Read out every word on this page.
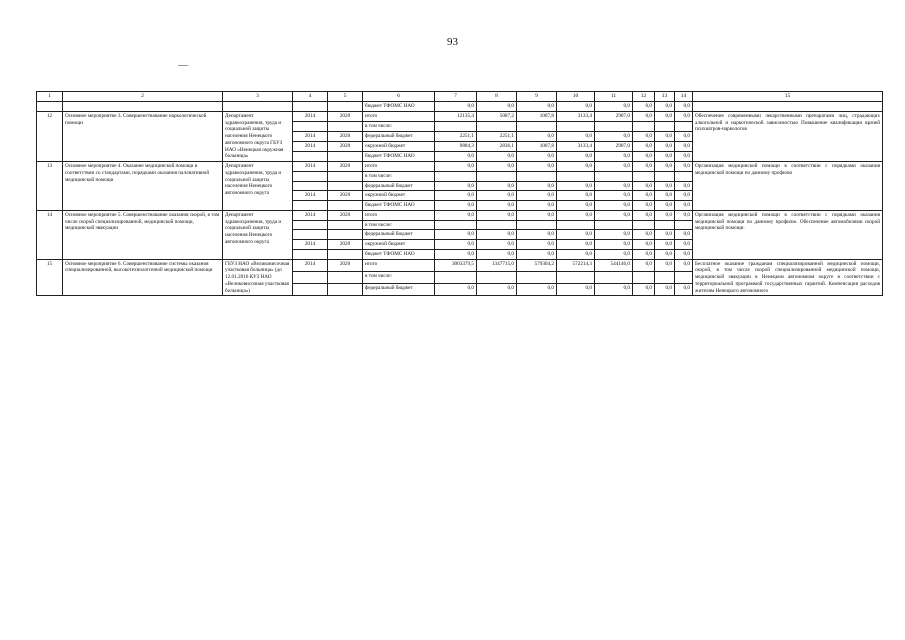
93
1	2	3	4	5	6	7	8	9	10	11	12	13	14	15
					бюджет ТФОМС НАО	0,0	0,0	0,0	0,0	0,0	0,0	0,0	0,0	
12	Основное мероприятие 3. Совершенствование наркологической помощи	Департамент здравоохранения, труда и социальной защиты населения Ненецкого автономного округа ГБУЗ НАО «Ненецкая окружная больница»	2014	2020	итого	12135,4	5087,2	1007,8	3133,4	2907,0	0,0	0,0	0,0	Обеспечение современными лекарственными препаратами лиц, страдающих алкогольной и наркотической зависимостью Повышение квалификации врачей психиатров-наркологов
					в том числе:									
			2014	2020	федеральный бюджет	2251,1	2251,1	0,0	0,0	0,0	0,0	0,0	0,0	
			2014	2020	окружной бюджет	9884,3	2836,1	1007,8	3133,4	2907,0	0,0	0,0	0,0	
					бюджет ТФОМС НАО	0,0	0,0	0,0	0,0	0,0	0,0	0,0	0,0	
13	Основное мероприятие 4. Оказание медицинской помощи в соответствии со стандартами, порядками оказания паллиативной медицинской помощи	Департамент здравоохранения, труда и социальной защиты населения Ненецкого автономного округа	2014	2020	итого	0,0	0,0	0,0	0,0	0,0	0,0	0,0	0,0	Организация медицинской помощи в соответствии с порядками оказания медицинской помощи по данному профилю
					в том числе:									
					федеральный бюджет	0,0	0,0	0,0	0,0	0,0	0,0	0,0	0,0	
			2014	2020	окружной бюджет	0,0	0,0	0,0	0,0	0,0	0,0	0,0	0,0	
					бюджет ТФОМС НАО	0,0	0,0	0,0	0,0	0,0	0,0	0,0	0,0	
14	Основное мероприятие 5. Совершенствование оказания скорой, в том числе скорой специализированной, медицинской помощи, медицинской эвакуации	Департамент здравоохранения, труда и социальной защиты населения Ненецкого автономного округа	2014	2020	итого	0,0	0,0	0,0	0,0	0,0	0,0	0,0	0,0	Организация медицинской помощи в соответствии с порядками оказания медицинской помощи по данному профилю. Обеспечение автомобилями скорой медицинской помощи.
					в том числе:									
					федеральный бюджет	0,0	0,0	0,0	0,0	0,0	0,0	0,0	0,0	
			2014	2020	окружной бюджет	0,0	0,0	0,0	0,0	0,0	0,0	0,0	0,0	
					бюджет ТФОМС НАО	0,0	0,0	0,0	0,0	0,0	0,0	0,0	0,0	
15	Основное мероприятие 6. Совершенствование системы оказания специализированной, высокотехнологичной медицинской помощи	ГБУЗ НАО «Великовисочная участковая больница» (до 12.01.2016 КУЗ НАО «Великовисочная участковая больница»)	2014	2020	итого	3003379,5	1347715,0	579304,2	572214,3	544146,0	0,0	0,0	0,0	Бесплатное оказание гражданам специализированной медицинской помощи, скорой, в том числе скорой специализированной медицинской помощи, медицинской эвакуации в Ненецком автономном округе в соответствии с территориальной программой государственных гарантий. Компенсация расходов жителям Ненецкого автономного
					в том числе:									
					федеральный бюджет	0,0	0,0	0,0	0,0	0,0	0,0	0,0	0,0	
